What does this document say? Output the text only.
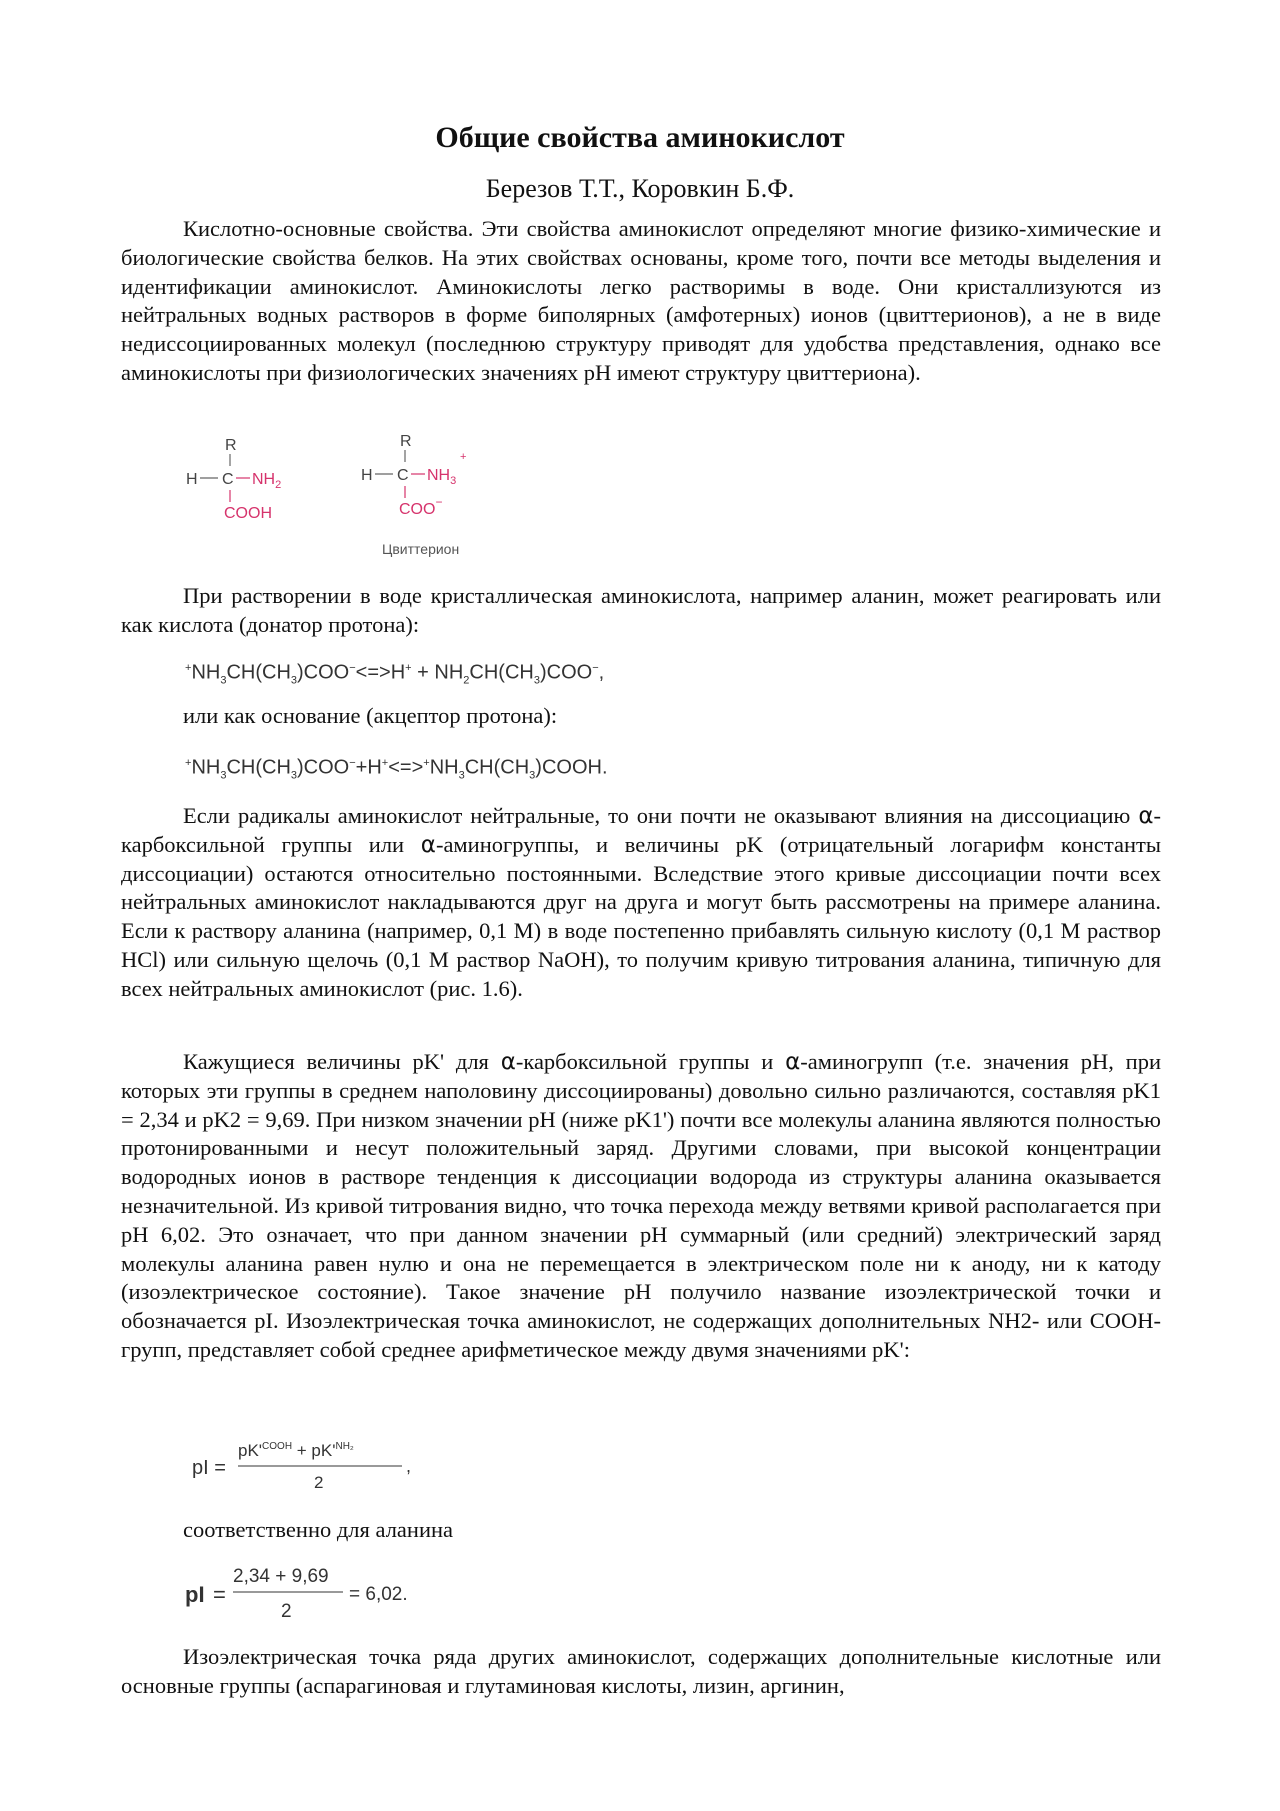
Общие свойства аминокислот
Березов Т.Т., Коровкин Б.Ф.

Кислотно-основные свойства. Эти свойства аминокислот определяют многие физико-химические и биологические свойства белков. На этих свойствах основаны, кроме того, почти все методы выделения и идентификации аминокислот. Аминокислоты легко растворимы в воде. Они кристаллизуются из нейтральных водных растворов в форме биполярных (амфотерных) ионов (цвиттерионов), а не в виде недиссоциированных молекул (последнюю структуру приводят для удобства представления, однако все аминокислоты при физиологических значениях pH имеют структуру цвиттериона).

R
H C $NH_2$
COOH
R
H C $NH_3$
+
COO−
Цвиттерион

При растворении в воде кристаллическая аминокислота, например аланин, может реагировать или как кислота (донатор протона):

$^+NH_3CH(CH_3)COO^-<=>H^+ + NH_2CH(CH_3)COO^-$,

или как основание (акцептор протона):

$^+NH_3CH(CH_3)COO^-+H^+<=>^+NH_3CH(CH_3)COOH$.

Если радикалы аминокислот нейтральные, то они почти не оказывают влияния на диссоциацию α-карбоксильной группы или α-аминогруппы, и величины pK (отрицательный логарифм константы диссоциации) остаются относительно постоянными. Вследствие этого кривые диссоциации почти всех нейтральных аминокислот накладываются друг на друга и могут быть рассмотрены на примере аланина. Если к раствору аланина (например, 0,1 М) в воде постепенно прибавлять сильную кислоту (0,1 М раствор HCl) или сильную щелочь (0,1 М раствор NaOH), то получим кривую титрования аланина, типичную для всех нейтральных аминокислот (рис. 1.6).

Кажущиеся величины pK' для α-карбоксильной группы и α-аминогрупп (т.е. значения pH, при которых эти группы в среднем наполовину диссоциированы) довольно сильно различаются, составляя pK1 = 2,34 и pK2 = 9,69. При низком значении pH (ниже pK1') почти все молекулы аланина являются полностью протонированными и несут положительный заряд. Другими словами, при высокой концентрации водородных ионов в растворе тенденция к диссоциации водорода из структуры аланина оказывается незначительной. Из кривой титрования видно, что точка перехода между ветвями кривой располагается при pH 6,02. Это означает, что при данном значении pH суммарный (или средний) электрический заряд молекулы аланина равен нулю и она не перемещается в электрическом поле ни к аноду, ни к катоду (изоэлектрическое состояние). Такое значение pH получило название изоэлектрической точки и обозначается pI. Изоэлектрическая точка аминокислот, не содержащих дополнительных NH2- или COOH-групп, представляет собой среднее арифметическое между двумя значениями pK':

pI =
$pK'^{COOH} + pK'^{NH_2}$
2
,

соответственно для аланина

pI =
2,34 + 9,69
2
= 6,02.

Изоэлектрическая точка ряда других аминокислот, содержащих дополнительные кислотные или основные группы (аспарагиновая и глутаминовая кислоты, лизин, аргинин,
